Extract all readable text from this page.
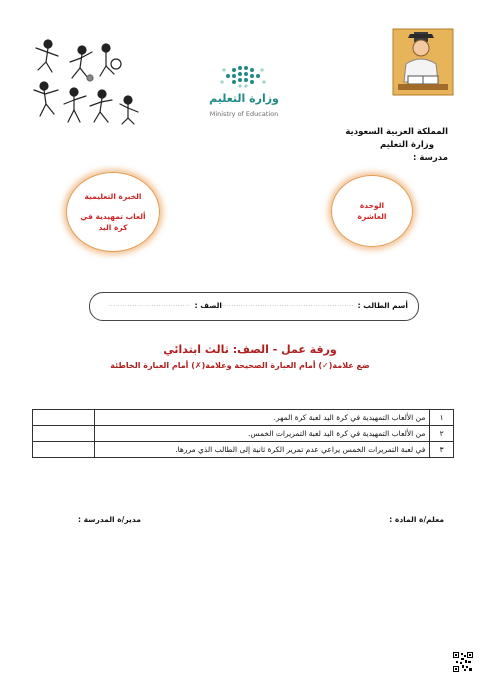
وزارة التعليم
Ministry of Education
المملكة العربية السعودية
وزارة التعليم
مدرسة :
الخبرة التعليمية
ألعاب تمهيدية في
كرة اليد
الوحدة
العاشرة
أسم الطالب :
..........................................................
الصف :
..................................
ورقة عمل - الصف: ثالث ابتدائي
ضع علامة(✓) أمام العبارة الصحيحة وعلامة(✗) أمام العبارة الخاطئة
١	من الألعاب التمهيدية في كرة اليد لعبة كرة المهر.	
٢	من الألعاب التمهيدية في كرة اليد لعبة التمريرات الخمس.	
٣	في لعبة التمريرات الخمس يراعي عدم تمرير الكرة ثانية إلى الطالب الذي مررها.	
معلم/ة المادة :
مدير/ة المدرسة :
